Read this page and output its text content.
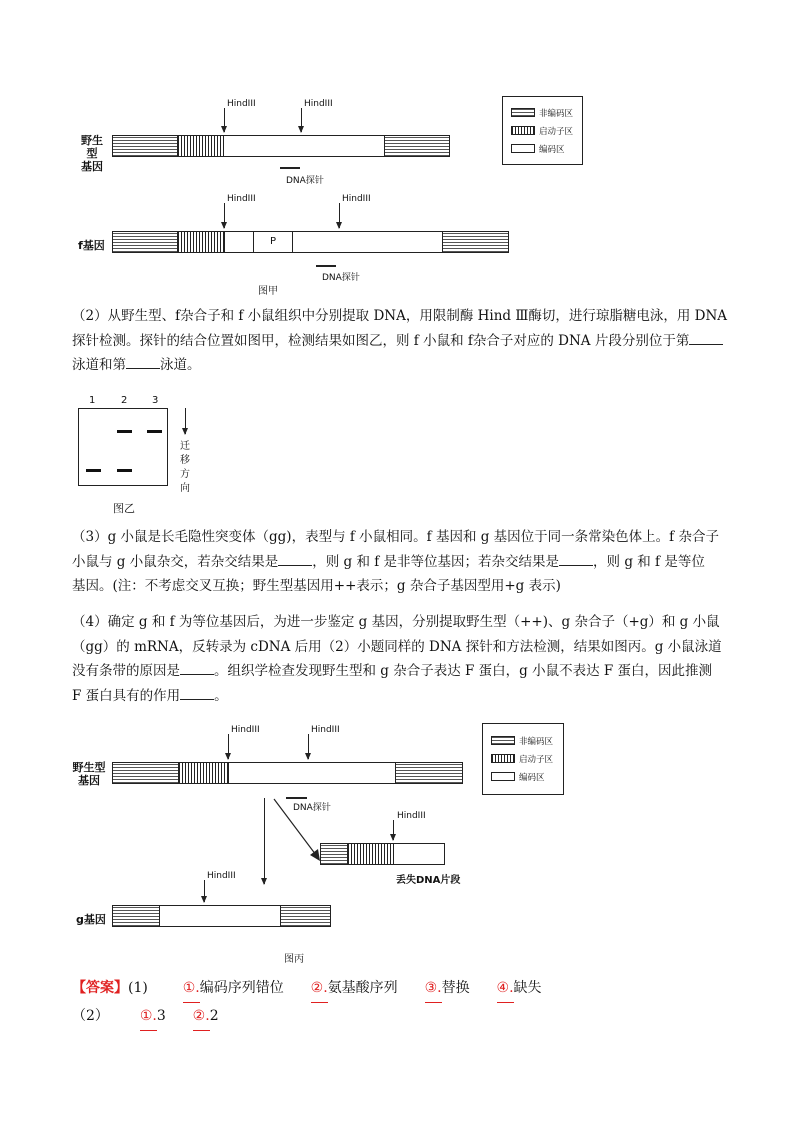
野生型
基因
HindIII	HindIII
DNA探针
f基因	P
HindIII	HindIII
DNA探针
图甲
非编码区
启动子区
编码区
（2）从野生型、f杂合子和 f 小鼠组织中分别提取 DNA，用限制酶 Hind Ⅲ酶切，进行琼脂糖电泳，用 DNA
探针检测。探针的结合位置如图甲，检测结果如图乙，则 f 小鼠和 f杂合子对应的 DNA 片段分别位于第
泳道和第	泳道。
1	2 3
迁移方向
图乙
（3）g 小鼠是长毛隐性突变体（gg)，表型与 f 小鼠相同。f 基因和 g 基因位于同一条常染色体上。f 杂合子
小鼠与 g 小鼠杂交，若杂交结果是	，则 g 和 f 是非等位基因；若杂交结果是	，则 g 和 f 是等位
基因。(注：不考虑交叉互换；野生型基因用++表示；g 杂合子基因型用+g 表示)
（4）确定 g 和 f 为等位基因后，为进一步鉴定 g 基因，分别提取野生型（++)、g 杂合子（+g）和 g 小鼠
（gg）的 mRNA，反转录为 cDNA 后用（2）小题同样的 DNA 探针和方法检测，结果如图丙。g 小鼠泳道
没有条带的原因是	。组织学检查发现野生型和 g 杂合子表达 F 蛋白，g 小鼠不表达 F 蛋白，因此推测
F 蛋白具有的作用	。
野生型
基因
HindIII	HindIII
DNA探针
HindIII
丢失DNA片段
g基因
HindIII
图丙
非编码区
启动子区
编码区
【答案】(1) ①.编码序列错位 ②.氨基酸序列 ③.替换 ④.缺失
（2） ①.3 ②.2
